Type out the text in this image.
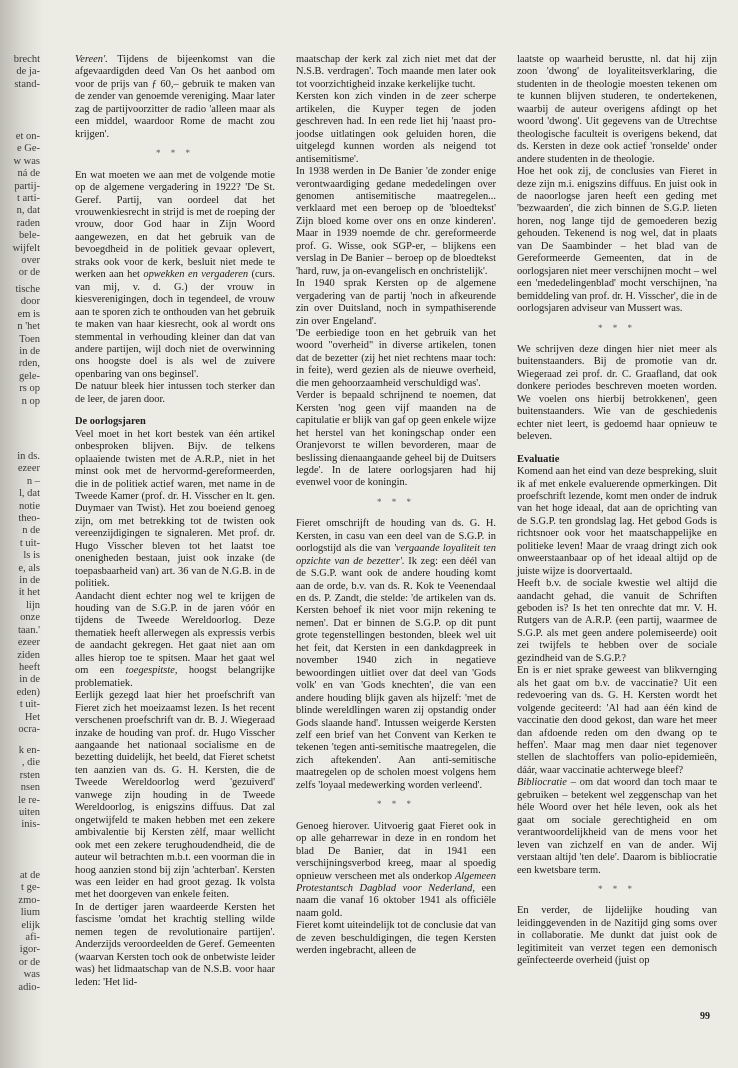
brecht
de ja-
stand-
et on-
e Ge-
w was
ná de
partij-
t arti-
n, dat
raden
bele-
wijfelt
over
or de
tische
door
em is
n 'het
Toen
in de
rden,
gele-
rs op
n op
in ds.
ezeer
n –
l, dat
notie
theo-
n de
t uit-
ls is
e, als
in de
it het
lijn
onze
taan.'
ezeer
ziden
heeft
in de
eden)
t uit-
Het
ocra-
k en-
, die
rsten
nsen
le re-
uiten
inis-
at de
t ge-
zmo-
lium
elijk
afi-
igor-
or de
was
adio-

Vereen'. Tijdens de bijeenkomst van die afgevaardigden deed Van Os het aanbod om voor de prijs van ƒ 60,– gebruik te maken van de zender van genoemde vereniging. Maar later zag de partijvoorzitter de radio 'alleen maar als een middel, waardoor Rome de macht zou krijgen'.

* * *

En wat moeten we aan met de volgende motie op de algemene vergadering in 1922? 'De St. Geref. Partij, van oordeel dat het vrouwenkiesrecht in strijd is met de roeping der vrouw, door God haar in Zijn Woord aangewezen, en dat het gebruik van de bevoegdheid in de politiek gevaar oplevert, straks ook voor de kerk, besluit niet mede te werken aan het opwekken en vergaderen (curs. van mij, v. d. G.) der vrouw in kiesverenigingen, doch in tegendeel, de vrouw aan te sporen zich te onthouden van het gebruik te maken van haar kiesrecht, ook al wordt ons stemmental in verhouding kleiner dan dat van andere partijen, wijl doch niet de overwinning ons hoogste doel is als wel de zuivere openbaring van ons beginsel'.

De natuur bleek hier intussen toch sterker dan de leer, de jaren door.

De oorlogsjaren

Veel moet in het kort bestek van één artikel onbesproken blijven. Bijv. de telkens oplaaiende twisten met de A.R.P., niet in het minst ook met de hervormd-gereformeerden, die in de politiek actief waren, met name in de Tweede Kamer (prof. dr. H. Visscher en lt. gen. Duymaer van Twist). Het zou boeiend genoeg zijn, om met betrekking tot de twisten ook vereenzijdigingen te signaleren. Met prof. dr. Hugo Visscher bleven tot het laatst toe onenigheden bestaan, juist ook inzake (de toepasbaarheid van) art. 36 van de N.G.B. in de politiek.

Aandacht dient echter nog wel te krijgen de houding van de S.G.P. in de jaren vóór en tijdens de Tweede Wereldoorlog. Deze thematiek heeft allerwegen als expressis verbis de aandacht gekregen. Het gaat niet aan om alles hierop toe te spitsen. Maar het gaat wel om een toegespitste, hoogst belangrijke problematiek.

Eerlijk gezegd laat hier het proefschrift van Fieret zich het moeizaamst lezen. Is het recent verschenen proefschrift van dr. B. J. Wiegeraad inzake de houding van prof. dr. Hugo Visscher aangaande het nationaal socialisme en de bezetting duidelijk, het beeld, dat Fieret schetst ten aanzien van ds. G. H. Kersten, die de Tweede Wereldoorlog werd 'gezuiverd' vanwege zijn houding in de Tweede Wereldoorlog, is enigszins diffuus. Dat zal ongetwijfeld te maken hebben met een zekere ambivalentie bij Kersten zèlf, maar wellicht ook met een zekere terughoudendheid, die de auteur wil betrachten m.b.t. een voorman die in hoog aanzien stond bij zijn 'achterban'. Kersten was een leider en had groot gezag. Ik volsta met het doorgeven van enkele feiten.

In de dertiger jaren waardeerde Kersten het fascisme 'omdat het krachtig stelling wilde nemen tegen de revolutionaire partijen'. Anderzijds veroordeelden de Geref. Gemeenten (waarvan Kersten toch ook de onbetwiste leider was) het lidmaatschap van de N.S.B. voor haar leden: 'Het lid-

maatschap der kerk zal zich niet met dat der N.S.B. verdragen'. Toch maande men later ook tot voorzichtigheid inzake kerkelijke tucht.

Kersten kon zich vinden in de zeer scherpe artikelen, die Kuyper tegen de joden geschreven had. In een rede liet hij 'naast pro-joodse uitlatingen ook geluiden horen, die uitgelegd kunnen worden als neigend tot antisemitisme'.

In 1938 werden in De Banier 'de zonder enige verontwaardiging gedane mededelingen over genomen antisemitische maatregelen... verklaard met een beroep op de 'bloedtekst' Zijn bloed kome over ons en onze kinderen'. Maar in 1939 noemde de chr. gereformeerde prof. G. Wisse, ook SGP-er, – blijkens een verslag in De Banier – beroep op de bloedtekst 'hard, ruw, ja on-evangelisch en onchristelijk'.

In 1940 sprak Kersten op de algemene vergadering van de partij 'noch in afkeurende zin over Duitsland, noch in sympathiserende zin over Engeland'.

'De eerbiedige toon en het gebruik van het woord "overheid" in diverse artikelen, tonen dat de bezetter (zij het niet rechtens maar toch: in feite), werd gezien als de nieuwe overheid, die men gehoorzaamheid verschuldigd was'.

Verder is bepaald schrijnend te noemen, dat Kersten 'nog geen vijf maanden na de capitulatie er blijk van gaf op geen enkele wijze het herstel van het koningschap onder een Oranjevorst te willen bevorderen, maar de beslissing dienaangaande geheel bij de Duitsers legde'. In de latere oorlogsjaren had hij evenwel voor de koningin.

* * *

Fieret omschrijft de houding van ds. G. H. Kersten, in casu van een deel van de S.G.P. in oorlogstijd als die van 'vergaande loyaliteit ten opzichte van de bezetter'. Ik zeg: een déél van de S.G.P. want ook de andere houding komt aan de orde, b.v. van ds. R. Kok te Veenendaal en ds. P. Zandt, die stelde: 'de artikelen van ds. Kersten behoef ik niet voor mijn rekening te nemen'. Dat er binnen de S.G.P. op dit punt grote tegenstellingen bestonden, bleek wel uit het feit, dat Kersten in een dankdagpreek in november 1940 zich in negatieve bewoordingen uitliet over dat deel van 'Gods volk' en van 'Gods knechten', die van een andere houding blijk gaven als hijzelf: 'met de blinde wereldlingen waren zij opstandig onder Gods slaande hand'. Intussen weigerde Kersten zelf een brief van het Convent van Kerken te tekenen 'tegen anti-semitische maatregelen, die zich aftekenden'. Aan anti-semitische maatregelen op de scholen moest volgens hem zelfs 'loyaal medewerking worden verleend'.

* * *

Genoeg hierover. Uitvoerig gaat Fieret ook in op alle geharrewar in deze in en rondom het blad De Banier, dat in 1941 een verschijningsverbod kreeg, maar al spoedig opnieuw verscheen met als onderkop Algemeen Protestantsch Dagblad voor Nederland, een naam die vanaf 16 oktober 1941 als officiële naam gold.

Fieret komt uiteindelijk tot de conclusie dat van de zeven beschuldigingen, die tegen Kersten werden ingebracht, alleen de

laatste op waarheid berustte, nl. dat hij zijn zoon 'dwong' de loyaliteitsverklaring, die studenten in de theologie moesten tekenen om te kunnen blijven studeren, te ondertekenen, waarbij de auteur overigens afdingt op het woord 'dwong'. Uit gegevens van de Utrechtse theologische faculteit is overigens bekend, dat ds. Kersten in deze ook actief 'ronselde' onder andere studenten in de theologie.

Hoe het ook zij, de conclusies van Fieret in deze zijn m.i. enigszins diffuus. En juist ook in de naoorlogse jaren heeft een geding met 'bezwaarden', die zich binnen de S.G.P. lieten horen, nog lange tijd de gemoederen bezig gehouden. Tekenend is nog wel, dat in plaats van De Saambinder – het blad van de Gereformeerde Gemeenten, dat in de oorlogsjaren niet meer verschijnen mocht – wel een 'mededelingenblad' mocht verschijnen, 'na bemiddeling van prof. dr. H. Visscher', die in de oorlogsjaren adviseur van Mussert was.

* * *

We schrijven deze dingen hier niet meer als buitenstaanders. Bij de promotie van dr. Wiegeraad zei prof. dr. C. Graafland, dat ook donkere periodes beschreven moeten worden. We voelen ons hierbij betrokkenen', geen buitenstaanders. Wie van de geschiedenis echter niet leert, is gedoemd haar opnieuw te beleven.

Evaluatie

Komend aan het eind van deze bespreking, sluit ik af met enkele evaluerende opmerkingen. Dit proefschrift lezende, komt men onder de indruk van het hoge ideaal, dat aan de oprichting van de S.G.P. ten grondslag lag. Het gebod Gods is richtsnoer ook voor het maatschappelijke en politieke leven! Maar de vraag dringt zich ook onweerstaanbaar op of het ideaal altijd op de juiste wijze is doorvertaald.

Heeft b.v. de sociale kwestie wel altijd die aandacht gehad, die vanuit de Schriften geboden is? Is het ten onrechte dat mr. V. H. Rutgers van de A.R.P. (een partij, waarmee de S.G.P. als met geen andere polemiseerde) ooit zei twijfels te hebben over de sociale gezindheid van de S.G.P.?

En is er niet sprake geweest van blikvernging als het gaat om b.v. de vaccinatie? Uit een redevoering van ds. G. H. Kersten wordt het volgende geciteerd: 'Al had aan één kind de vaccinatie den dood gekost, dan ware het meer dan afdoende reden om den dwang op te heffen'. Maar mag men daar niet tegenover stellen de slachtoffers van polio-epidemieën, dáár, waar vaccinatie achterwege bleef?

Bibliocratie – om dat woord dan toch maar te gebruiken – betekent wel zeggenschap van het héle Woord over het héle leven, ook als het gaat om sociale gerechtigheid en om verantwoordelijkheid van de mens voor het leven van zichzelf en van de ander. Wij verstaan altijd 'ten dele'. Daarom is bibliocratie een kwetsbare term.

* * *

En verder, de lijdelijke houding van leidinggevenden in de Nazitijd ging soms over in collaboratie. Me dunkt dat juist ook de legitimiteit van verzet tegen een demonisch geïnfecteerde overheid (juist op

99
